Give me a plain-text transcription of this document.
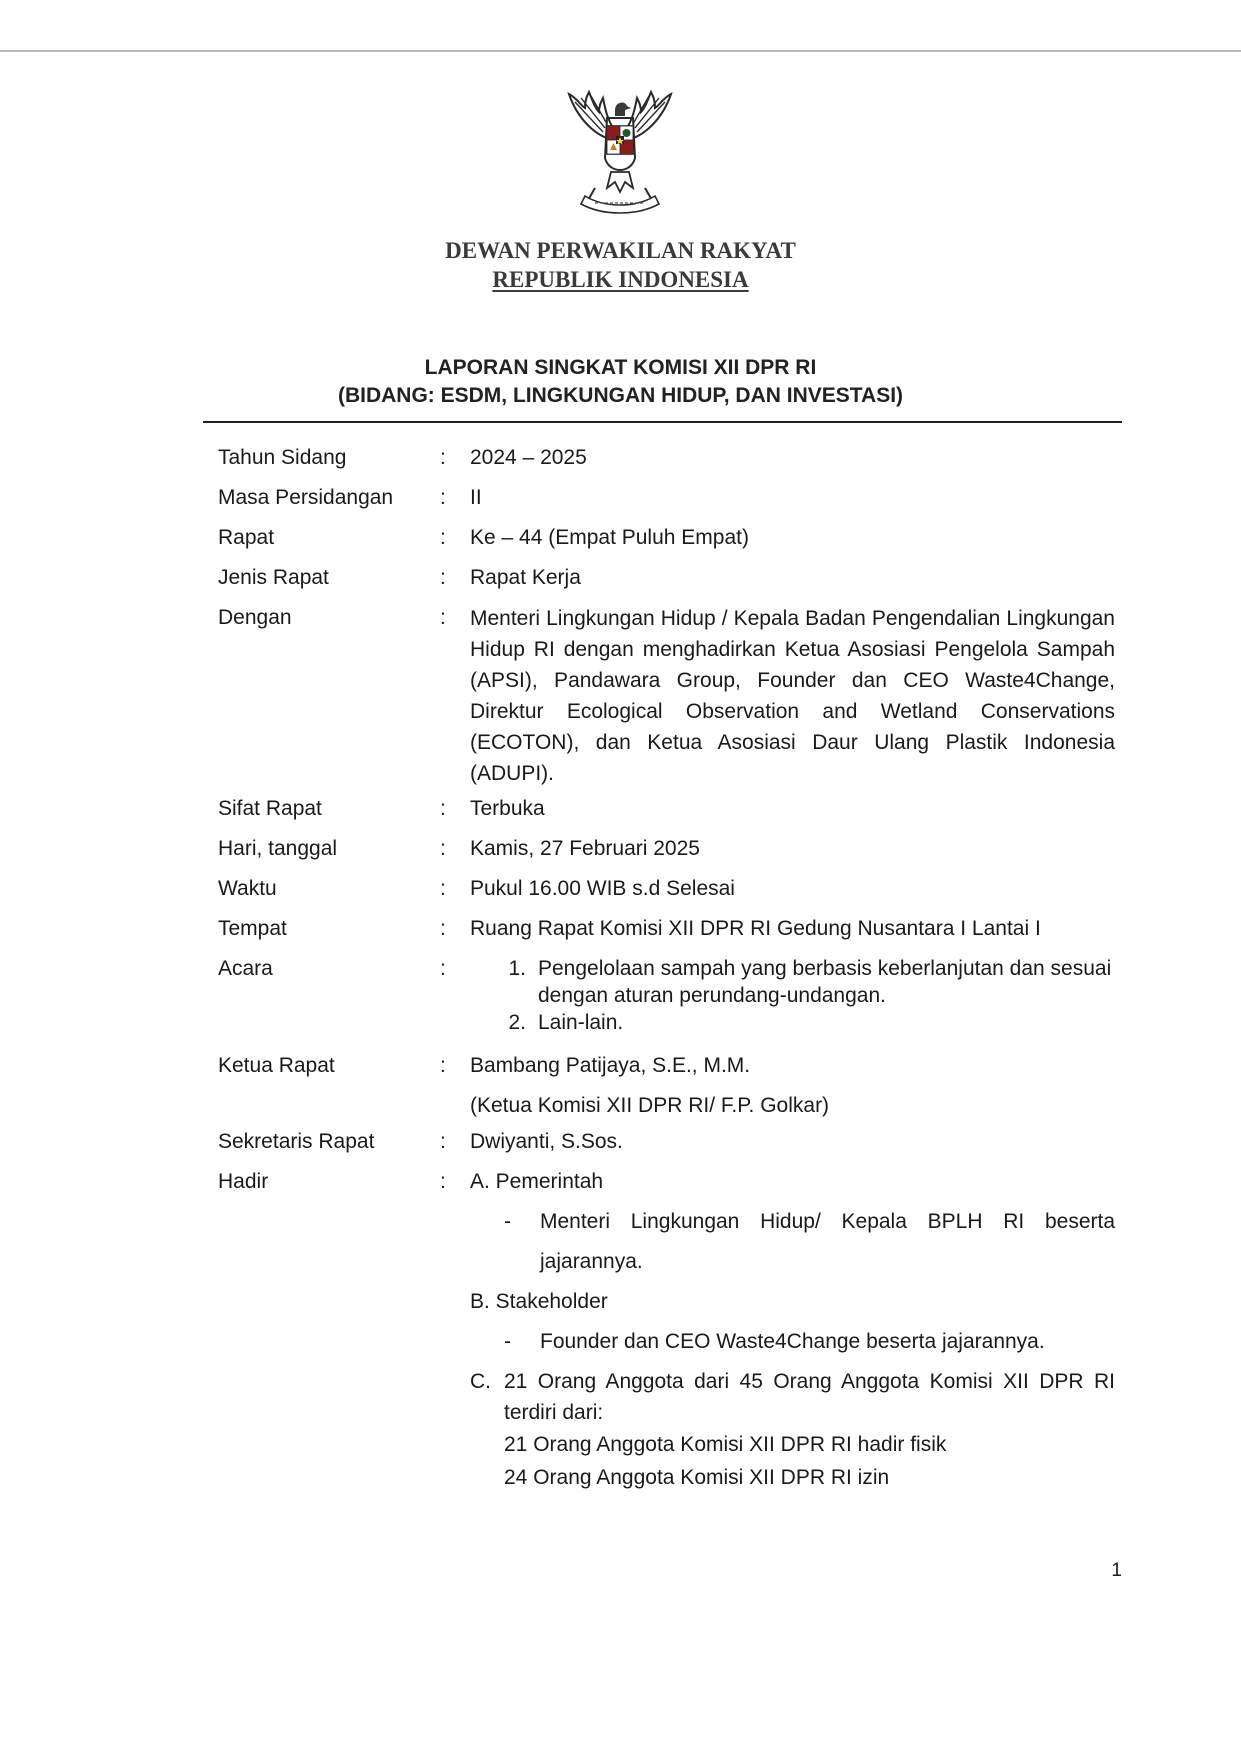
DEWAN PERWAKILAN RAKYAT
REPUBLIK INDONESIA
LAPORAN SINGKAT KOMISI XII DPR RI
(BIDANG: ESDM, LINGKUNGAN HIDUP, DAN INVESTASI)
Tahun Sidang	:	2024 – 2025
Masa Persidangan	:	II
Rapat	:	Ke – 44 (Empat Puluh Empat)
Jenis Rapat	:	Rapat Kerja
Dengan	:	Menteri Lingkungan Hidup / Kepala Badan Pengendalian Lingkungan Hidup RI dengan menghadirkan Ketua Asosiasi Pengelola Sampah (APSI), Pandawara Group, Founder dan CEO Waste4Change, Direktur Ecological Observation and Wetland Conservations (ECOTON), dan Ketua Asosiasi Daur Ulang Plastik Indonesia (ADUPI).
Sifat Rapat	:	Terbuka
Hari, tanggal	:	Kamis, 27 Februari 2025
Waktu	:	Pukul 16.00 WIB s.d Selesai
Tempat	:	Ruang Rapat Komisi XII DPR RI Gedung Nusantara I Lantai I
Acara	:	1. Pengelolaan sampah yang berbasis keberlanjutan dan sesuai dengan aturan perundang-undangan.
2. Lain-lain.
Ketua Rapat	:	Bambang Patijaya, S.E., M.M.
(Ketua Komisi XII DPR RI/ F.P. Golkar)
Sekretaris Rapat	:	Dwiyanti, S.Sos.
Hadir	:	A. Pemerintah
-	Menteri Lingkungan Hidup/ Kepala BPLH RI beserta jajarannya.
B. Stakeholder
-	Founder dan CEO Waste4Change beserta jajarannya.
C. 21 Orang Anggota dari 45 Orang Anggota Komisi XII DPR RI terdiri dari:
21 Orang Anggota Komisi XII DPR RI hadir fisik
24 Orang Anggota Komisi XII DPR RI izin
1
